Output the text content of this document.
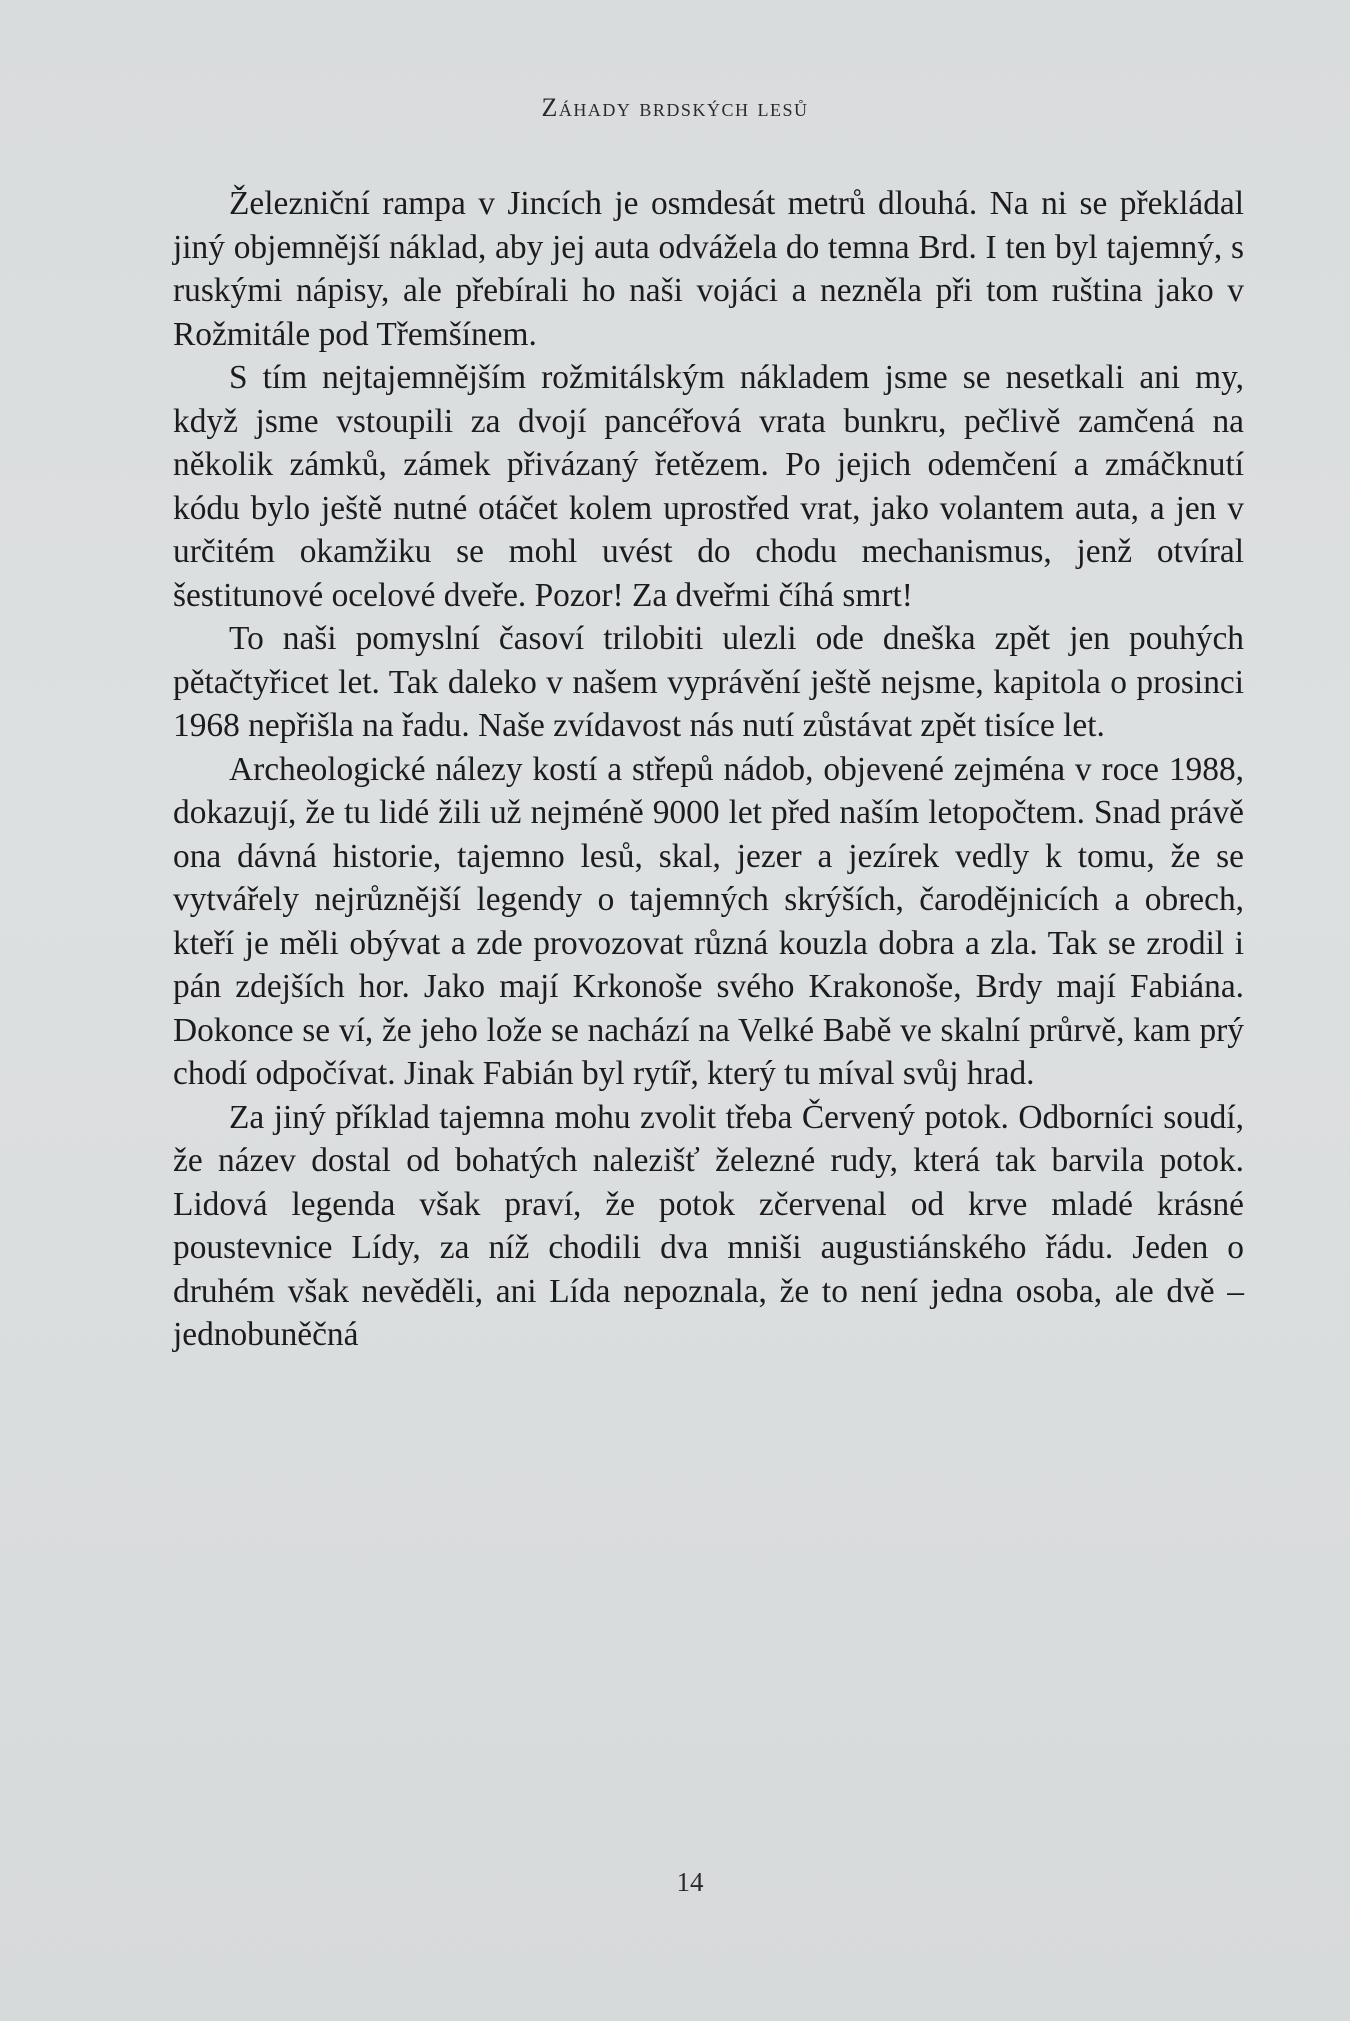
Záhady brdských lesů

Železniční rampa v Jincích je osmdesát metrů dlouhá. Na ni se překládal jiný objemnější náklad, aby jej auta odvážela do temna Brd. I ten byl tajemný, s ruskými nápisy, ale přebírali ho naši vojáci a nezněla při tom ruština jako v Rožmitále pod Třemšínem.

S tím nejtajemnějším rožmitálským nákladem jsme se nesetkali ani my, když jsme vstoupili za dvojí pancéřová vrata bunkru, pečlivě zamčená na několik zámků, zámek přivázaný řetězem. Po jejich odemčení a zmáčknutí kódu bylo ještě nutné otáčet kolem uprostřed vrat, jako volantem auta, a jen v určitém okamžiku se mohl uvést do chodu mechanismus, jenž otvíral šestitunové ocelové dveře. Pozor! Za dveřmi číhá smrt!

To naši pomyslní časoví trilobiti ulezli ode dneška zpět jen pouhých pětačtyřicet let. Tak daleko v našem vyprávění ještě nejsme, kapitola o prosinci 1968 nepřišla na řadu. Naše zvídavost nás nutí zůstávat zpět tisíce let.

Archeologické nálezy kostí a střepů nádob, objevené zejména v roce 1988, dokazují, že tu lidé žili už nejméně 9000 let před naším letopočtem. Snad právě ona dávná historie, tajemno lesů, skal, jezer a jezírek vedly k tomu, že se vytvářely nejrůznější legendy o tajemných skrýších, čarodějnicích a obrech, kteří je měli obývat a zde provozovat různá kouzla dobra a zla. Tak se zrodil i pán zdejších hor. Jako mají Krkonoše svého Krakonoše, Brdy mají Fabiána. Dokonce se ví, že jeho lože se nachází na Velké Babě ve skalní průrvě, kam prý chodí odpočívat. Jinak Fabián byl rytíř, který tu míval svůj hrad.

Za jiný příklad tajemna mohu zvolit třeba Červený potok. Odborníci soudí, že název dostal od bohatých nalezišť železné rudy, která tak barvila potok. Lidová legenda však praví, že potok zčervenal od krve mladé krásné poustevnice Lídy, za níž chodili dva mniši augustiánského řádu. Jeden o druhém však nevěděli, ani Lída nepoznala, že to není jedna osoba, ale dvě – jednobuněčná

14
